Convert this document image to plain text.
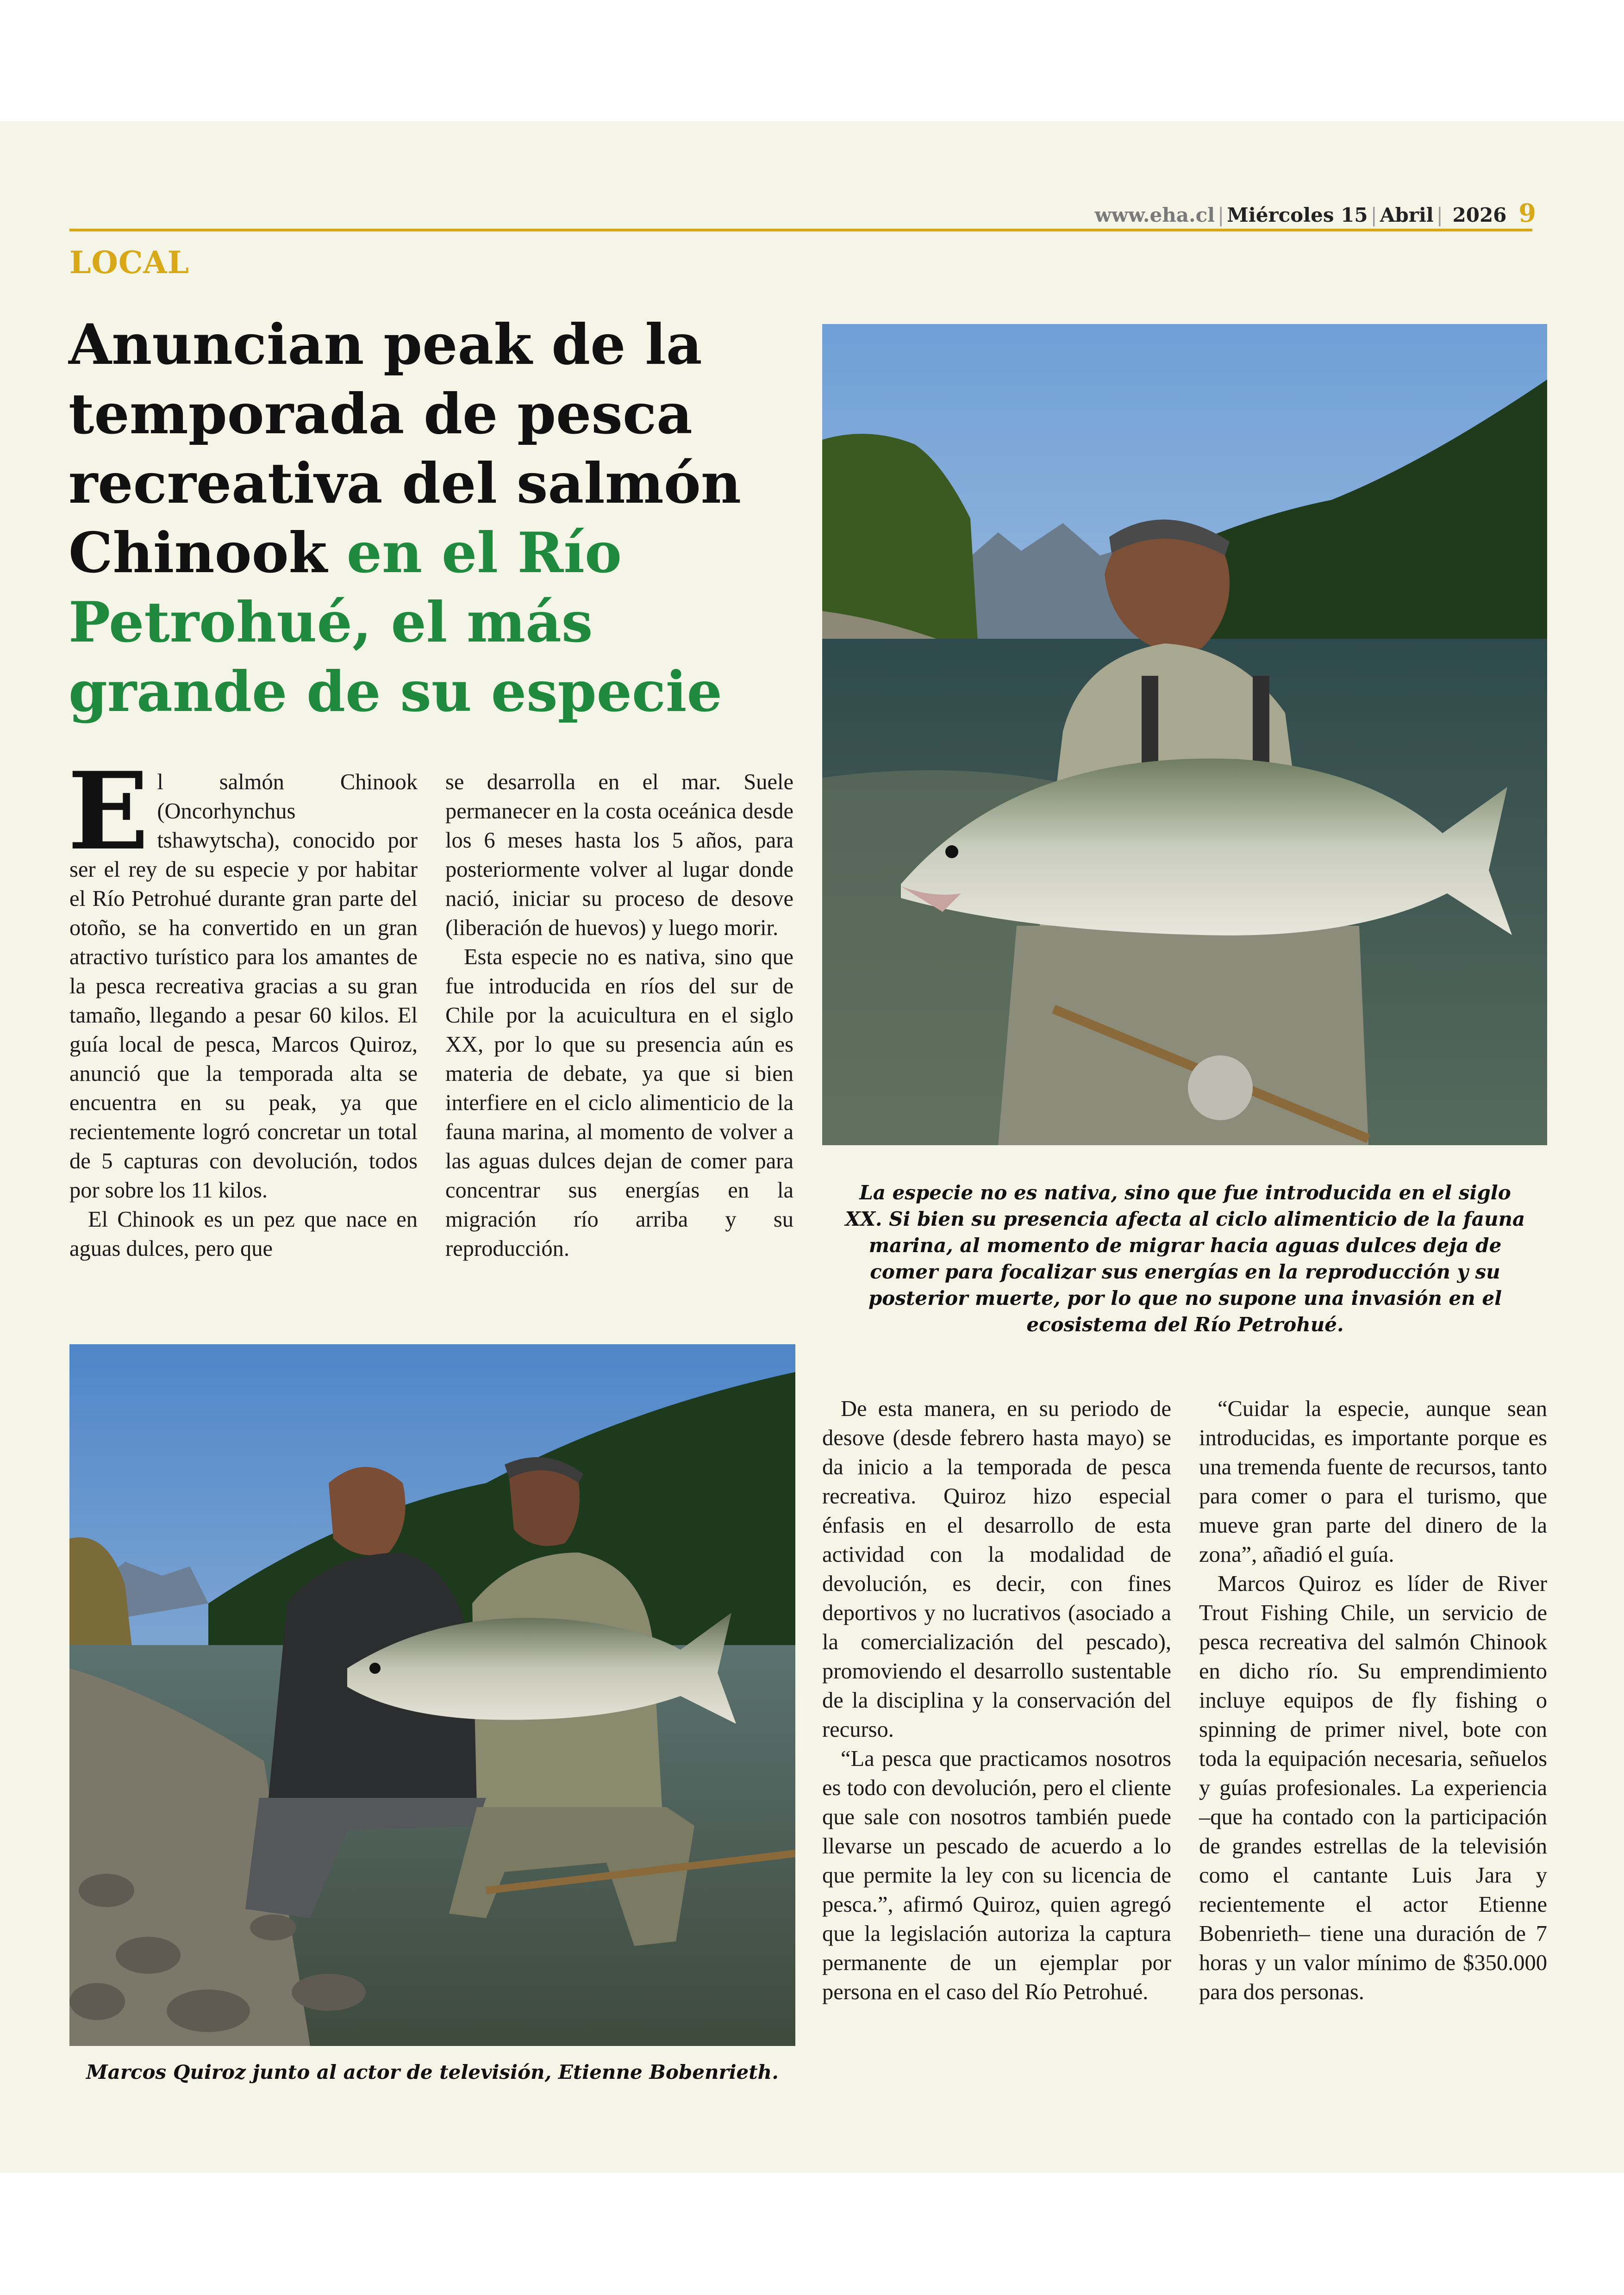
www.eha.cl | Miércoles 15 | Abril | 2026 9
LOCAL
Anuncian peak de la temporada de pesca recreativa del salmón Chinook en el Río Petrohué, el más grande de su especie

El salmón Chinook (Oncorhynchus tshawytscha), conocido por ser el rey de su especie y por habitar el Río Petrohué durante gran parte del otoño, se ha convertido en un gran atractivo turístico para los amantes de la pesca recreativa gracias a su gran tamaño, llegando a pesar 60 kilos. El guía local de pesca, Marcos Quiroz, anunció que la temporada alta se encuentra en su peak, ya que recientemente logró concretar un total de 5 capturas con devolución, todos por sobre los 11 kilos.

El Chinook es un pez que nace en aguas dulces, pero que

se desarrolla en el mar. Suele permanecer en la costa oceánica desde los 6 meses hasta los 5 años, para posteriormente volver al lugar donde nació, iniciar su proceso de desove (liberación de huevos) y luego morir.

Esta especie no es nativa, sino que fue introducida en ríos del sur de Chile por la acuicultura en el siglo XX, por lo que su presencia aún es materia de debate, ya que si bien interfiere en el ciclo alimenticio de la fauna marina, al momento de volver a las aguas dulces dejan de comer para concentrar sus energías en la migración río arriba y su reproducción.

La especie no es nativa, sino que fue introducida en el siglo XX. Si bien su presencia afecta al ciclo alimenticio de la fauna marina, al momento de migrar hacia aguas dulces deja de comer para focalizar sus energías en la reproducción y su posterior muerte, por lo que no supone una invasión en el ecosistema del Río Petrohué.
Marcos Quiroz junto al actor de televisión, Etienne Bobenrieth.

De esta manera, en su periodo de desove (desde febrero hasta mayo) se da inicio a la temporada de pesca recreativa. Quiroz hizo especial énfasis en el desarrollo de esta actividad con la modalidad de devolución, es decir, con fines deportivos y no lucrativos (asociado a la comercialización del pescado), promoviendo el desarrollo sustentable de la disciplina y la conservación del recurso.

“La pesca que practicamos nosotros es todo con devolución, pero el cliente que sale con nosotros también puede llevarse un pescado de acuerdo a lo que permite la ley con su licencia de pesca.”, afirmó Quiroz, quien agregó que la legislación autoriza la captura permanente de un ejemplar por persona en el caso del Río Petrohué.

“Cuidar la especie, aunque sean introducidas, es importante porque es una tremenda fuente de recursos, tanto para comer o para el turismo, que mueve gran parte del dinero de la zona”, añadió el guía.

Marcos Quiroz es líder de River Trout Fishing Chile, un servicio de pesca recreativa del salmón Chinook en dicho río. Su emprendimiento incluye equipos de fly fishing o spinning de primer nivel, bote con toda la equipación necesaria, señuelos y guías profesionales. La experiencia –que ha contado con la participación de grandes estrellas de la televisión como el cantante Luis Jara y recientemente el actor Etienne Bobenrieth– tiene una duración de 7 horas y un valor mínimo de $350.000 para dos personas.
